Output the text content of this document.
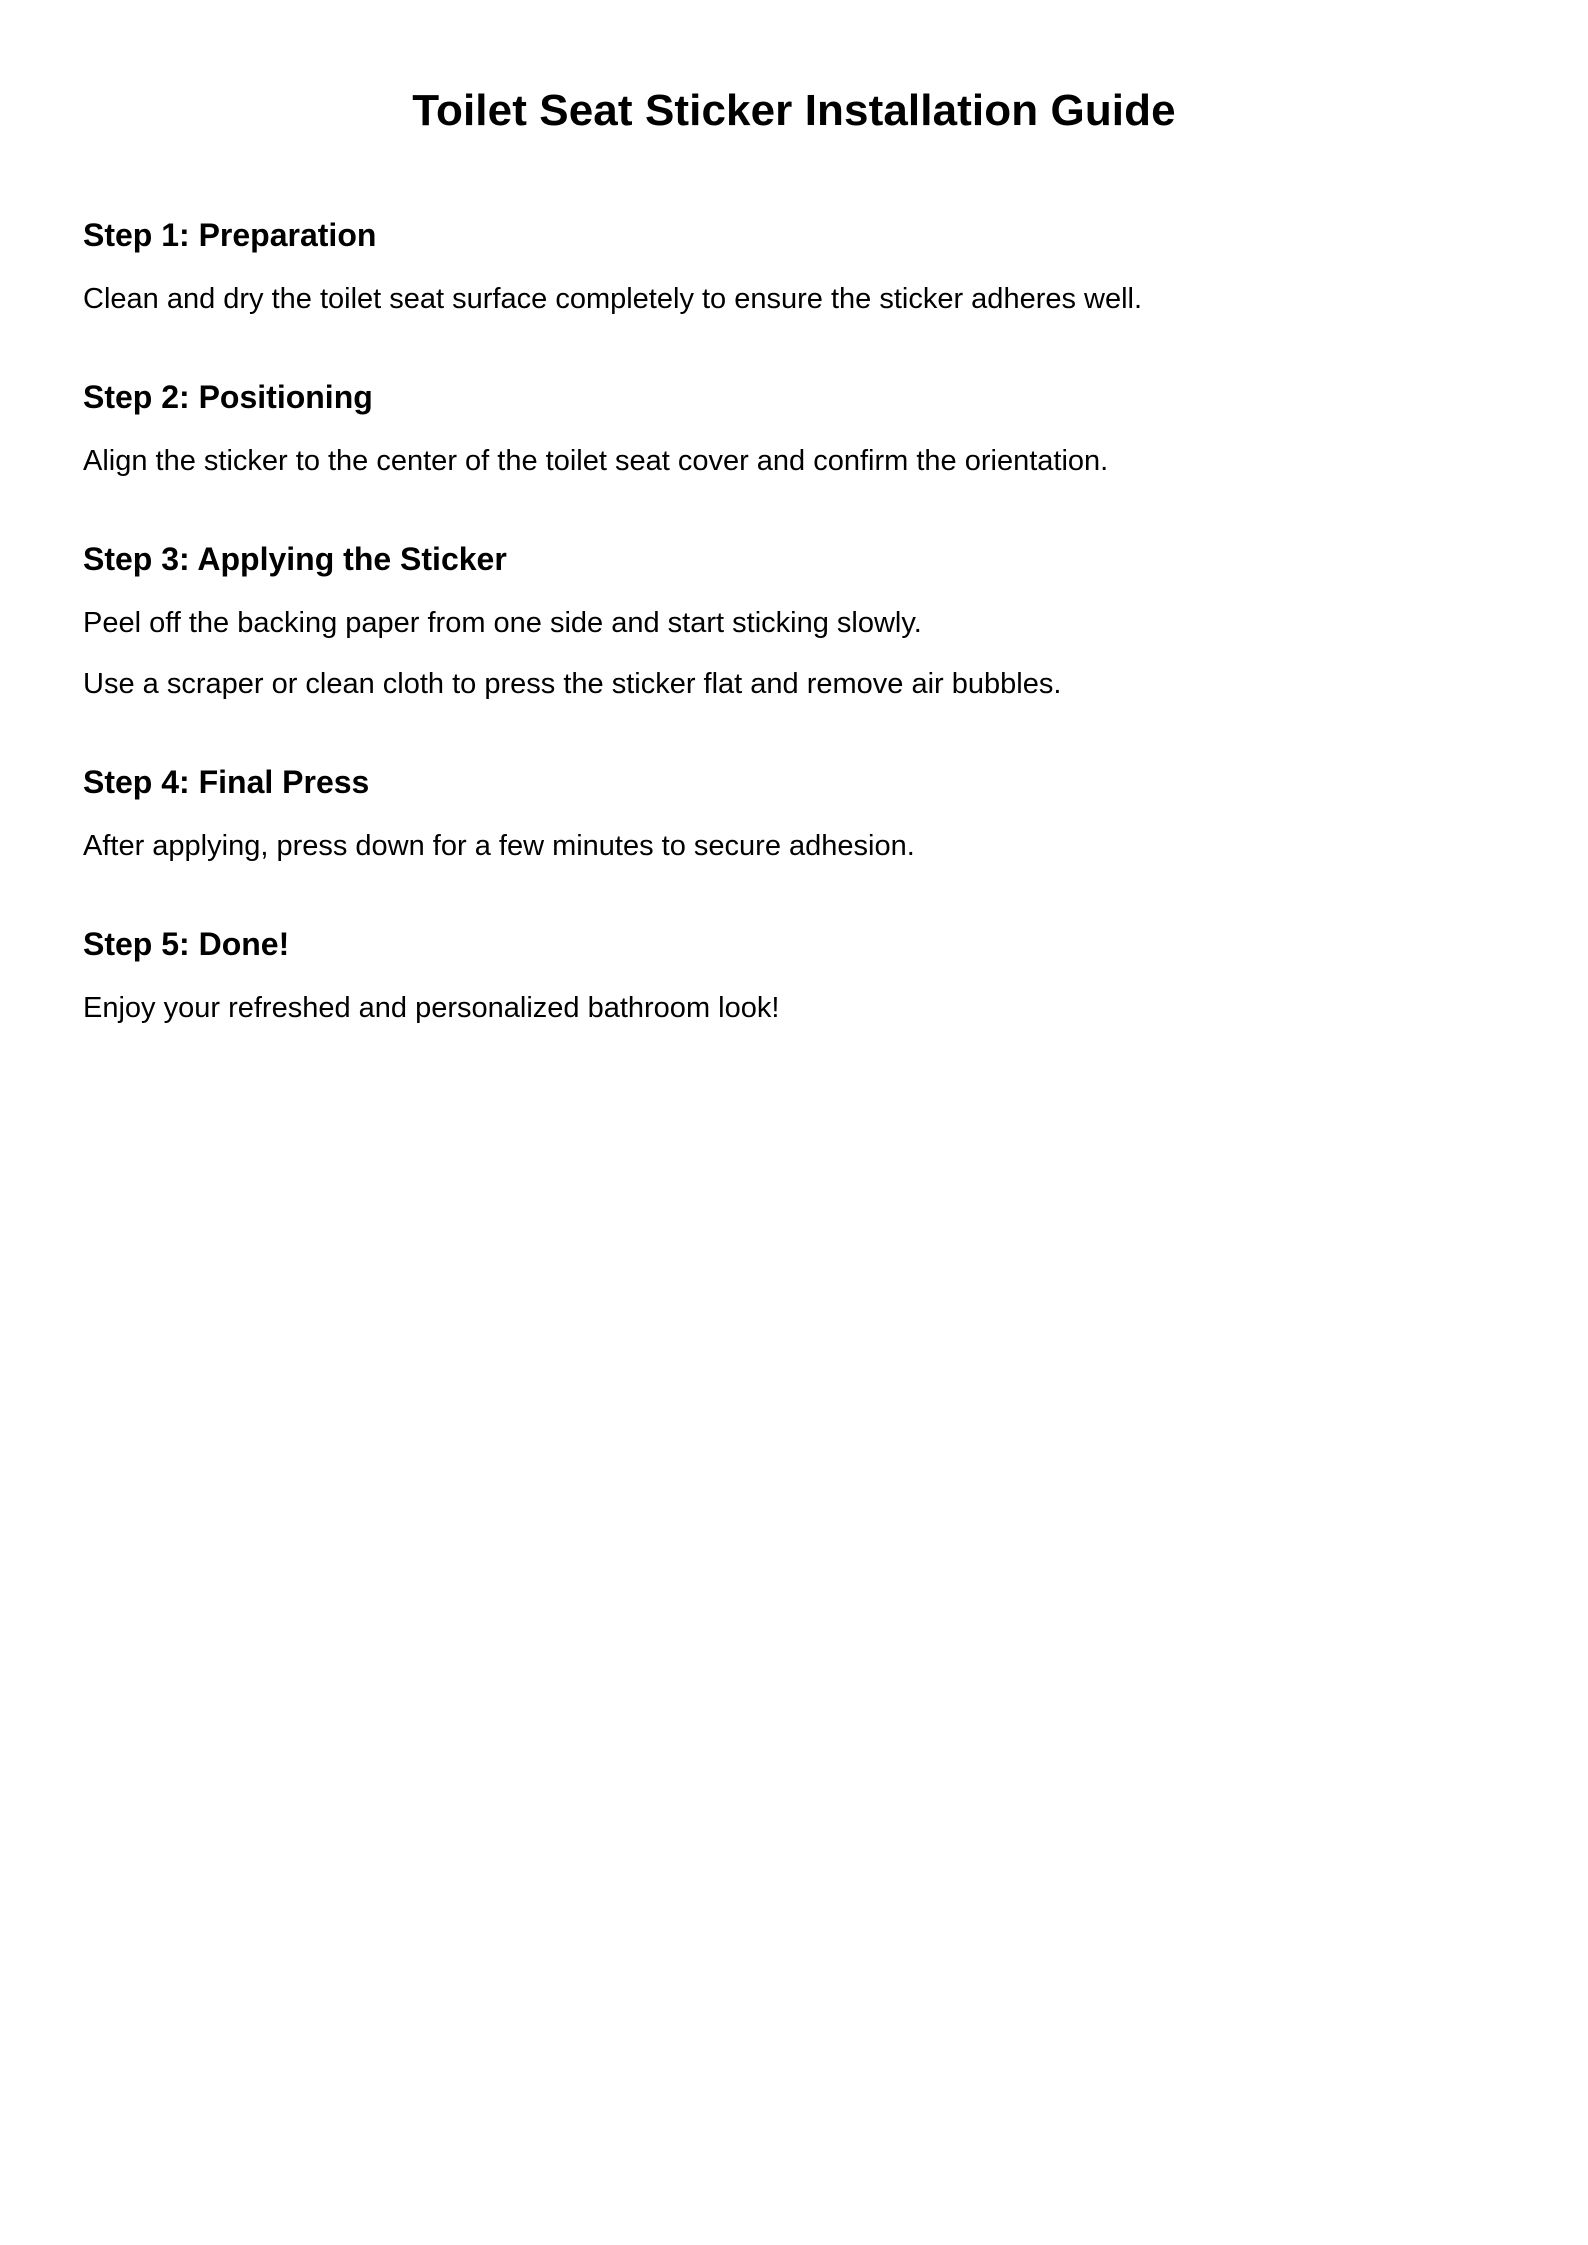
Toilet Seat Sticker Installation Guide
Step 1: Preparation

Clean and dry the toilet seat surface completely to ensure the sticker adheres well.

Step 2: Positioning

Align the sticker to the center of the toilet seat cover and confirm the orientation.

Step 3: Applying the Sticker

Peel off the backing paper from one side and start sticking slowly.

Use a scraper or clean cloth to press the sticker flat and remove air bubbles.

Step 4: Final Press

After applying, press down for a few minutes to secure adhesion.

Step 5: Done!

Enjoy your refreshed and personalized bathroom look!
